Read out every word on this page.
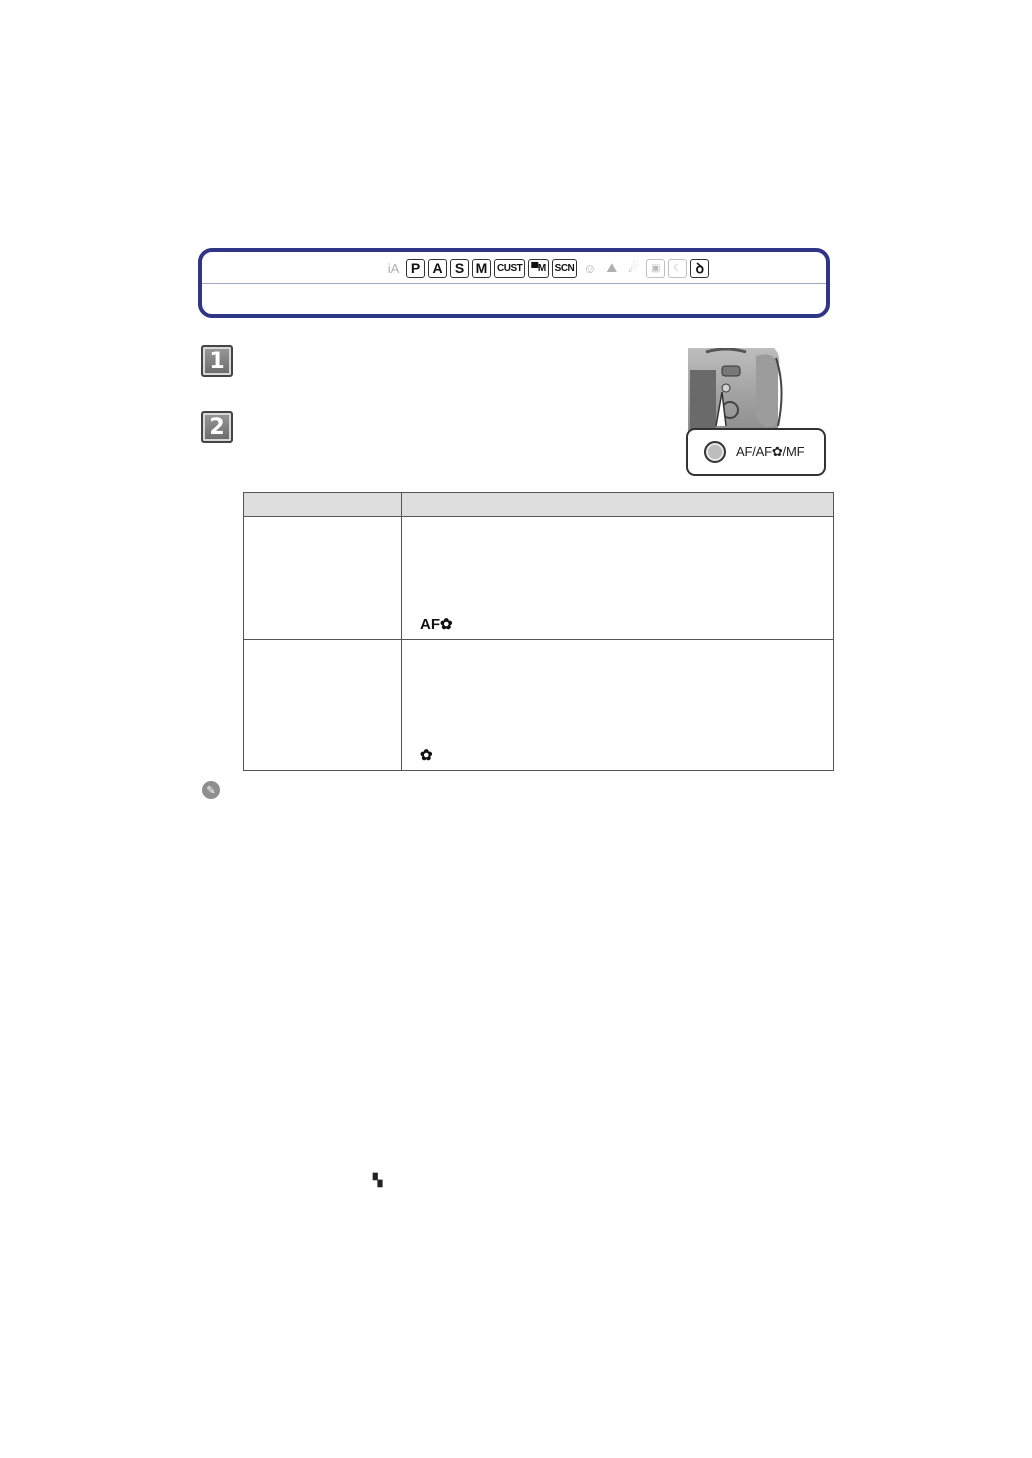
iA P A S M CUST ▀M SCN ☺ ⛰ ☄	▣	☾ ꝺ
1
2
AF/AF✿/MF

	AF✿

	✿
✎
▚
